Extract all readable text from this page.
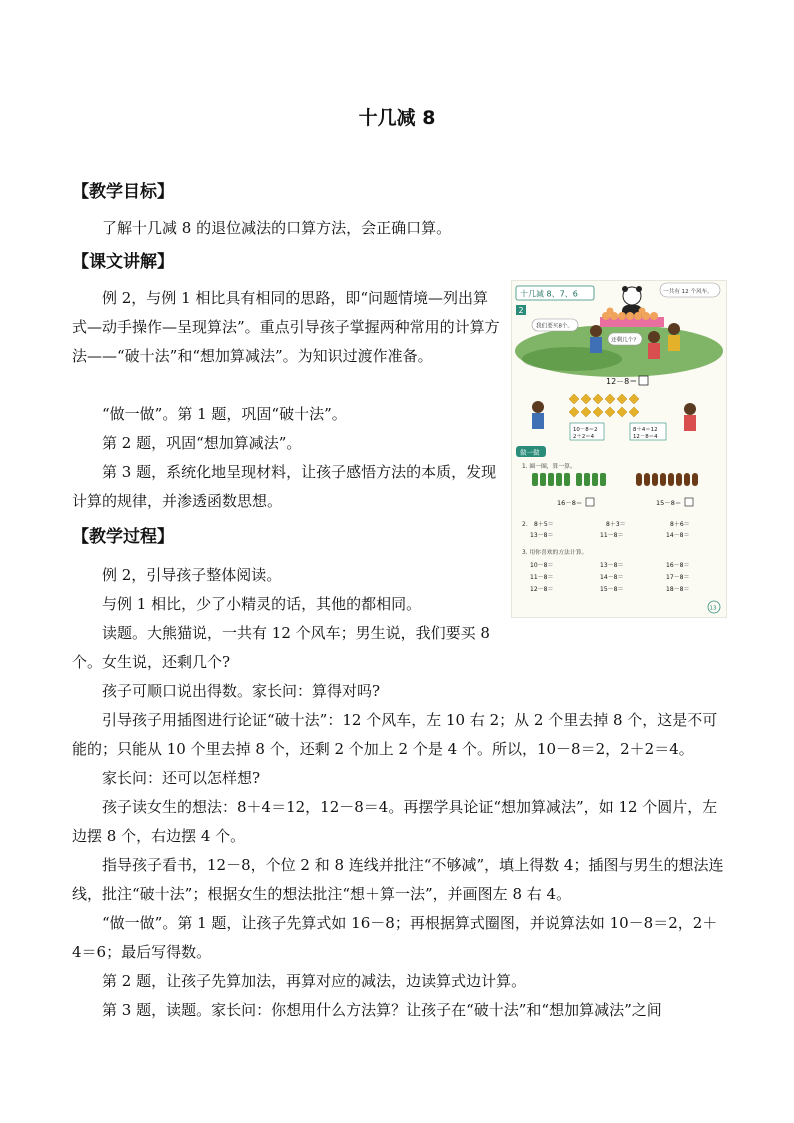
十几减 8
【教学目标】
了解十几减 8 的退位减法的口算方法，会正确口算。
【课文讲解】
例 2，与例 1 相比具有相同的思路，即“问题情境—列出算式—动手操作—呈现算法”。重点引导孩子掌握两种常用的计算方法——“破十法”和“想加算减法”。为知识过渡作准备。
“做一做”。第 1 题，巩固“破十法”。
第 2 题，巩固“想加算减法”。
第 3 题，系统化地呈现材料，让孩子感悟方法的本质，发现计算的规律，并渗透函数思想。
【教学过程】
例 2，引导孩子整体阅读。
与例 1 相比，少了小精灵的话，其他的都相同。
读题。大熊猫说，一共有 12 个风车；男生说，我们要买 8 个。女生说，还剩几个?
孩子可顺口说出得数。家长问：算得对吗?
引导孩子用插图进行论证“破十法”：12 个风车，左 10 右 2；从 2 个里去掉 8 个，这是不可能的；只能从 10 个里去掉 8 个，还剩 2 个加上 2 个是 4 个。所以，10－8＝2，2＋2＝4。
家长问：还可以怎样想?
孩子读女生的想法：8＋4＝12，12－8＝4。再摆学具论证“想加算减法”，如 12 个圆片，左边摆 8 个，右边摆 4 个。
指导孩子看书，12－8，个位 2 和 8 连线并批注“不够减”，填上得数 4；插图与男生的想法连线，批注“破十法”；根据女生的想法批注“想＋算一法”，并画图左 8 右 4。
“做一做”。第 1 题，让孩子先算式如 16－8；再根据算式圈图，并说算法如 10－8＝2，2＋4＝6；最后写得数。
第 2 题，让孩子先算加法，再算对应的减法，边读算式边计算。
第 3 题，读题。家长问：你想用什么方法算？让孩子在“破十法”和“想加算减法”之间
十几减 8、7、6
2
一共有 12 个风车。
我们要买8个。
还剩几个?
12－8＝
10－8＝2
2＋2＝4
8＋4＝12
12－8＝4
做一做
1. 圈一圈，算一算。
16－8＝	15－8＝
2. 8＋5＝	8＋3＝	8＋6＝
13－8＝	11－8＝	14－8＝
3. 用你喜欢的方法计算。
10－8＝	13－8＝	16－8＝
11－8＝	14－8＝	17－8＝
12－8＝	15－8＝	18－8＝
13
